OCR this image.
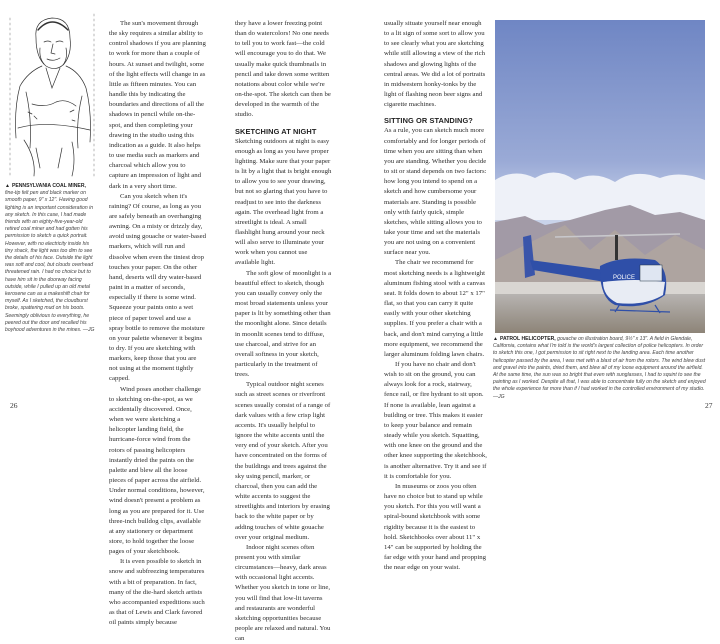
▲ PENNSYLVANIA COAL MINER, fine-tip felt pen and black marker on smooth paper, 9" x 12". Having good lighting is an important consideration in any sketch. In this case, I had made friends with an eighty-five-year-old retired coal miner and had gotten his permission to sketch a quick portrait. However, with no electricity inside his tiny shack, the light was too dim to see the details of his face. Outside the light was soft and cool, but clouds overhead threatened rain. I had no choice but to have him sit in the doorway facing outside, while I pulled up an old metal kerosene can as a makeshift chair for myself. As I sketched, the cloudburst broke, spattering mud on his boots. Seemingly oblivious to everything, he peered out the door and recalled his boyhood adventures in the mines. —JG

The sun's movement through the sky requires a similar ability to control shadows if you are planning to work for more than a couple of hours. At sunset and twilight, some of the light effects will change in as little as fifteen minutes. You can handle this by indicating the boundaries and directions of all the shadows in pencil while on-the-spot, and then completing your drawing in the studio using this indication as a guide. It also helps to use media such as markers and charcoal which allow you to capture an impression of light and dark in a very short time.

Can you sketch when it's raining? Of course, as long as you are safely beneath an overhanging awning. On a misty or drizzly day, avoid using gouache or water-based markers, which will run and dissolve when even the tiniest drop touches your paper. On the other hand, deserts will dry water-based paint in a matter of seconds, especially if there is some wind. Squeeze your paints onto a wet piece of paper towel and use a spray bottle to remove the moisture on your palette whenever it begins to dry. If you are sketching with markers, keep those that you are not using at the moment tightly capped.

Wind poses another challenge to sketching on-the-spot, as we accidentally discovered. Once, when we were sketching a helicopter landing field, the hurricane-force wind from the rotors of passing helicopters instantly dried the paints on the palette and blew all the loose pieces of paper across the airfield. Under normal conditions, however, wind doesn't present a problem as long as you are prepared for it. Use three-inch bulldog clips, available at any stationery or department store, to hold together the loose pages of your sketchbook.

It is even possible to sketch in snow and subfreezing temperatures with a bit of preparation. In fact, many of the die-hard sketch artists who accompanied expeditions such as that of Lewis and Clark favored oil paints simply because

they have a lower freezing point than do watercolors! No one needs to tell you to work fast—the cold will encourage you to do that. We usually make quick thumbnails in pencil and take down some written notations about color while we're on-the-spot. The sketch can then be developed in the warmth of the studio.

SKETCHING AT NIGHT

Sketching outdoors at night is easy enough as long as you have proper lighting. Make sure that your paper is lit by a light that is bright enough to allow you to see your drawing, but not so glaring that you have to readjust to see into the darkness again. The overhead light from a streetlight is ideal. A small flashlight hung around your neck will also serve to illuminate your work when you cannot use available light.

The soft glow of moonlight is a beautiful effect to sketch, though you can usually convey only the most broad statements unless your paper is lit by something other than the moonlight alone. Since details in moonlit scenes tend to diffuse, use charcoal, and strive for an overall softness in your sketch, particularly in the treatment of trees.

Typical outdoor night scenes such as street scenes or riverfront scenes usually consist of a range of dark values with a few crisp light accents. It's usually helpful to ignore the white accents until the very end of your sketch. After you have concentrated on the forms of the buildings and trees against the sky using pencil, marker, or charcoal, then you can add the white accents to suggest the streetlights and interiors by erasing back to the white paper or by adding touches of white gouache over your original medium.

Indoor night scenes often present you with similar circumstances—heavy, dark areas with occasional light accents. Whether you sketch in tone or line, you will find that low-lit taverns and restaurants are wonderful sketching opportunities because people are relaxed and natural. You can

26

usually situate yourself near enough to a lit sign of some sort to allow you to see clearly what you are sketching while still allowing a view of the rich shadows and glowing lights of the central areas. We did a lot of portraits in midwestern honky-tonks by the light of flashing neon beer signs and cigarette machines.

SITTING OR STANDING?

As a rule, you can sketch much more comfortably and for longer periods of time when you are sitting than when you are standing. Whether you decide to sit or stand depends on two factors: how long you intend to spend on a sketch and how cumbersome your materials are. Standing is possible only with fairly quick, simple sketches, while sitting allows you to take your time and set the materials you are not using on a convenient surface near you.

The chair we recommend for most sketching needs is a lightweight aluminum fishing stool with a canvas seat. It folds down to about 12" x 17" flat, so that you can carry it quite easily with your other sketching supplies. If you prefer a chair with a back, and don't mind carrying a little more equipment, we recommend the larger aluminum folding lawn chairs.

If you have no chair and don't wish to sit on the ground, you can always look for a rock, stairway, fence rail, or fire hydrant to sit upon. If none is available, lean against a building or tree. This makes it easier to keep your balance and remain steady while you sketch. Squatting, with one knee on the ground and the other knee supporting the sketchbook, is another alternative. Try it and see if it is comfortable for you.

In museums or zoos you often have no choice but to stand up while you sketch. For this you will want a spiral-bound sketchbook with some rigidity because it is the easiest to hold. Sketchbooks over about 11" x 14" can be supported by holding the far edge with your hand and propping the near edge on your waist.

POLICE
▲ PATROL HELICOPTER, gouache on illustration board, 9½" x 13". A field in Glendale, California, contains what I'm told is the world's largest collection of police helicopters. In order to sketch this one, I got permission to sit right next to the landing area. Each time another helicopter passed by the area, I was met with a blast of air from the rotors. The wind blew dust and gravel into the paints, dried them, and blew all of my loose equipment around the airfield. At the same time, the sun was so bright that even with sunglasses, I had to squint to see the painting as I worked. Despite all that, I was able to concentrate fully on the sketch and enjoyed the whole experience far more than if I had worked in the controlled environment of my studio. —JG
27
